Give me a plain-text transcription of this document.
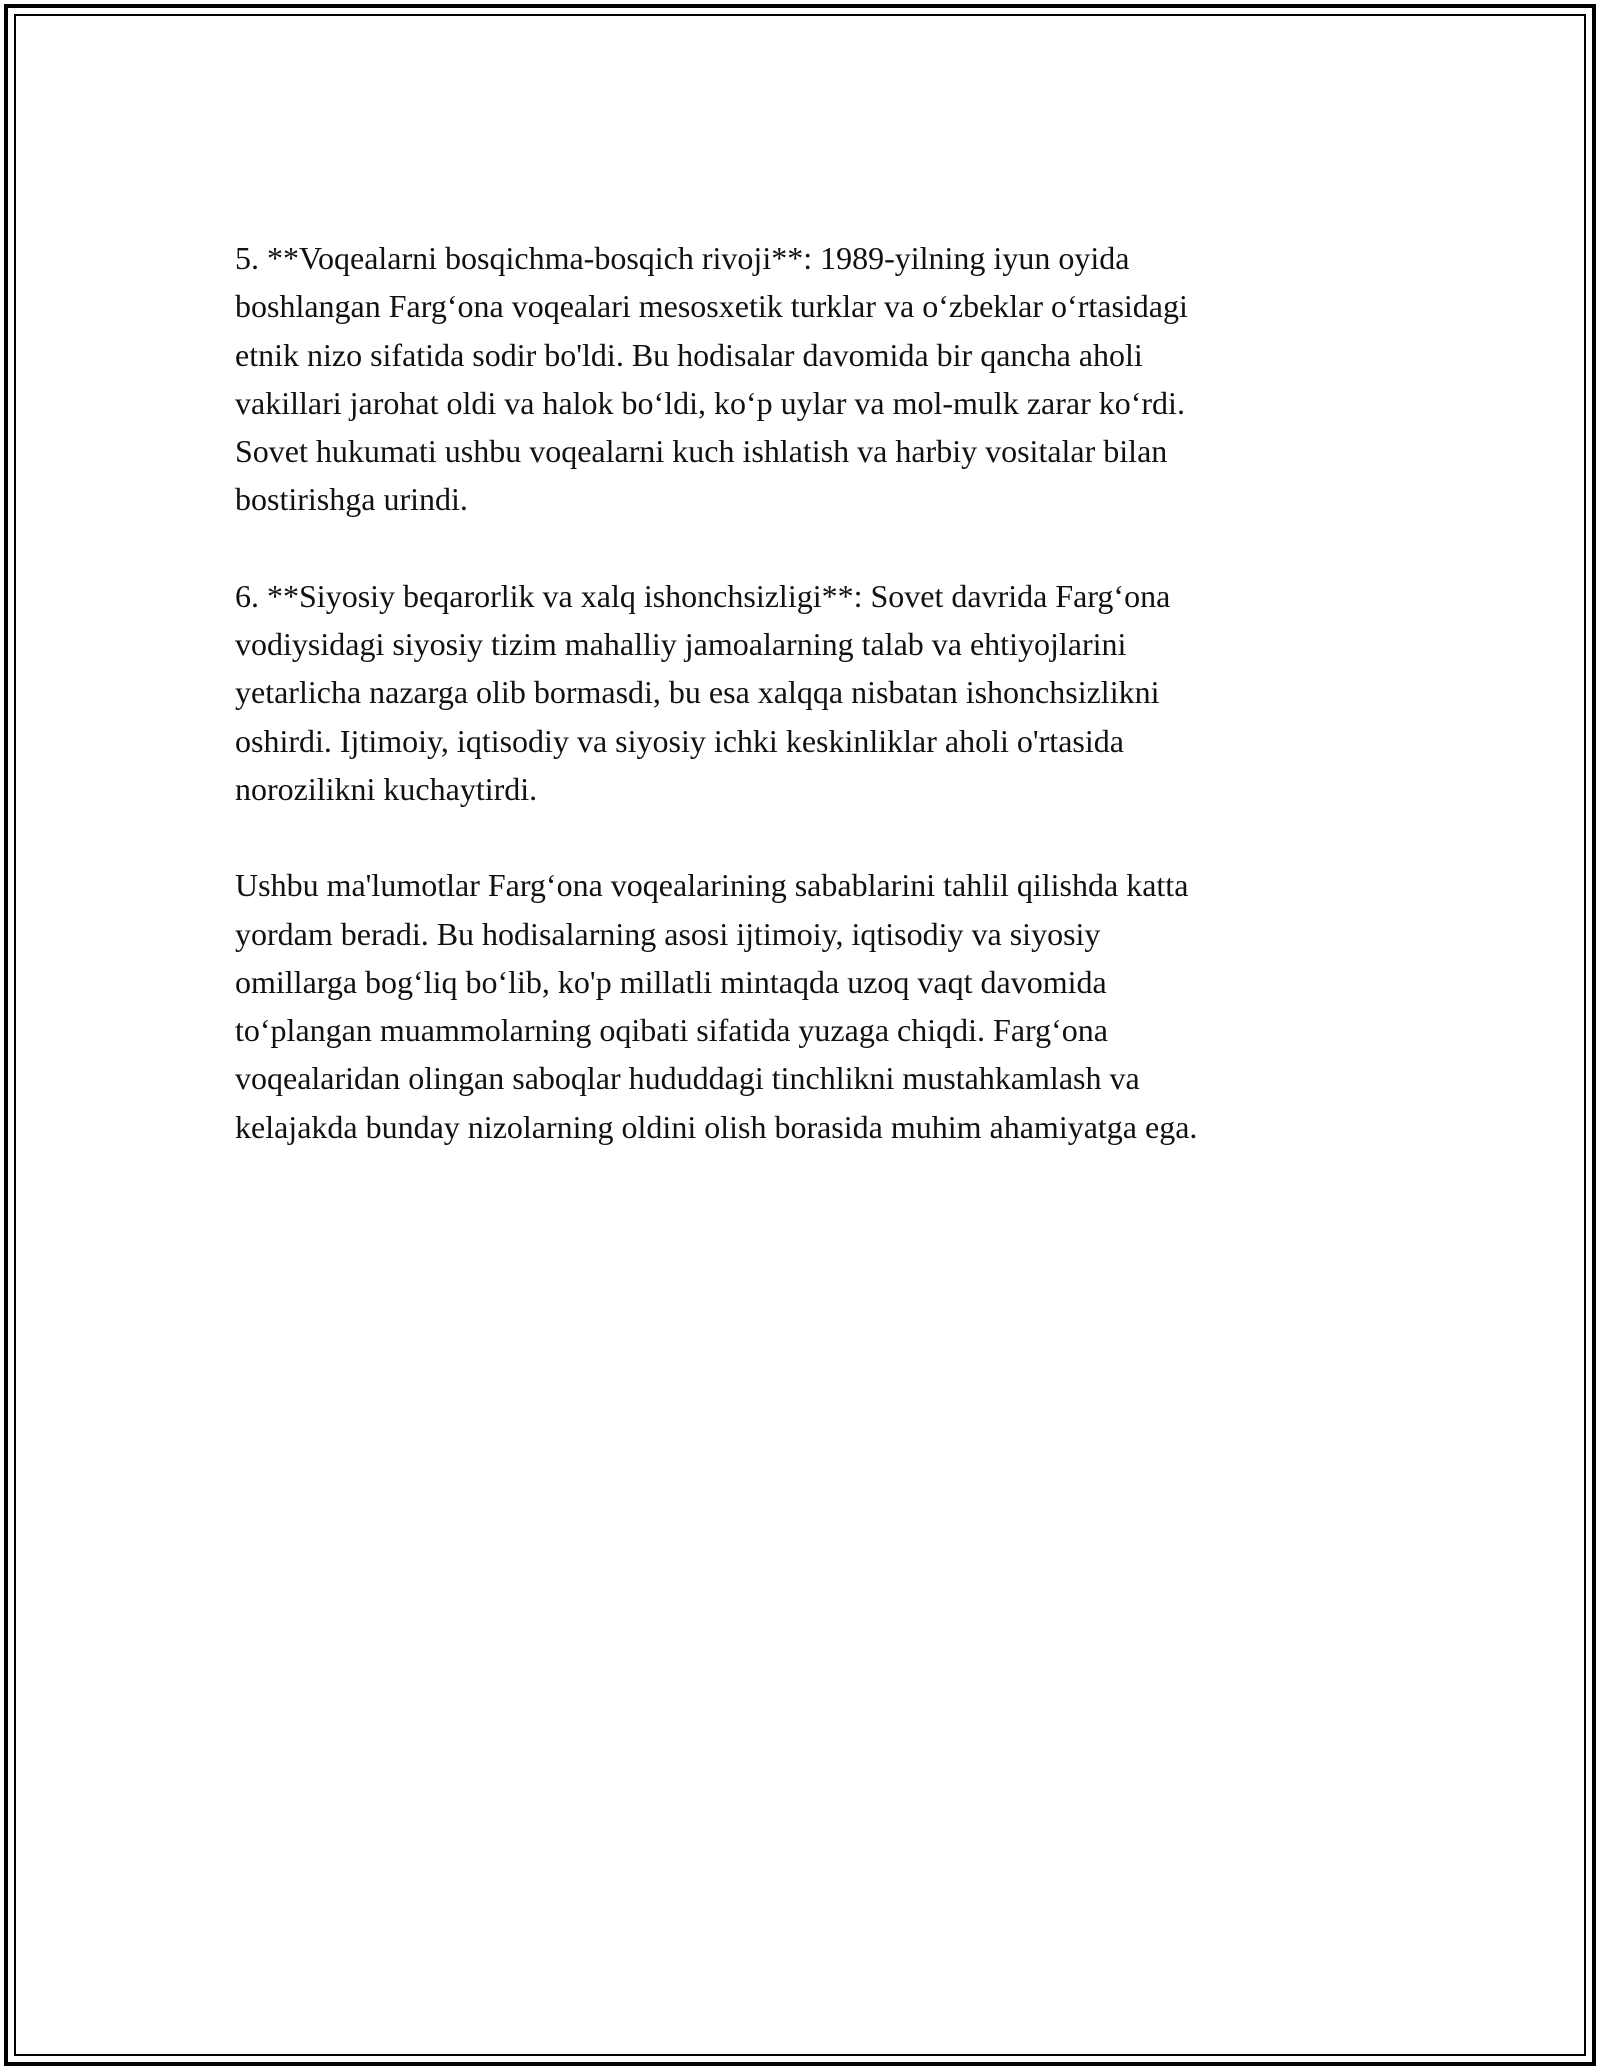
5. **Voqealarni bosqichma-bosqich rivoji**: 1989-yilning iyun oyida
boshlangan Farg‘ona voqealari mesosxetik turklar va o‘zbeklar o‘rtasidagi
etnik nizo sifatida sodir bo'ldi. Bu hodisalar davomida bir qancha aholi
vakillari jarohat oldi va halok bo‘ldi, ko‘p uylar va mol-mulk zarar ko‘rdi.
Sovet hukumati ushbu voqealarni kuch ishlatish va harbiy vositalar bilan
bostirishga urindi.

6. **Siyosiy beqarorlik va xalq ishonchsizligi**: Sovet davrida Farg‘ona
vodiysidagi siyosiy tizim mahalliy jamoalarning talab va ehtiyojlarini
yetarlicha nazarga olib bormasdi, bu esa xalqqa nisbatan ishonchsizlikni
oshirdi. Ijtimoiy, iqtisodiy va siyosiy ichki keskinliklar aholi o'rtasida
norozilikni kuchaytirdi.

Ushbu ma'lumotlar Farg‘ona voqealarining sabablarini tahlil qilishda katta
yordam beradi. Bu hodisalarning asosi ijtimoiy, iqtisodiy va siyosiy
omillarga bog‘liq bo‘lib, ko'p millatli mintaqda uzoq vaqt davomida
to‘plangan muammolarning oqibati sifatida yuzaga chiqdi. Farg‘ona
voqealaridan olingan saboqlar hududdagi tinchlikni mustahkamlash va
kelajakda bunday nizolarning oldini olish borasida muhim ahamiyatga ega.
